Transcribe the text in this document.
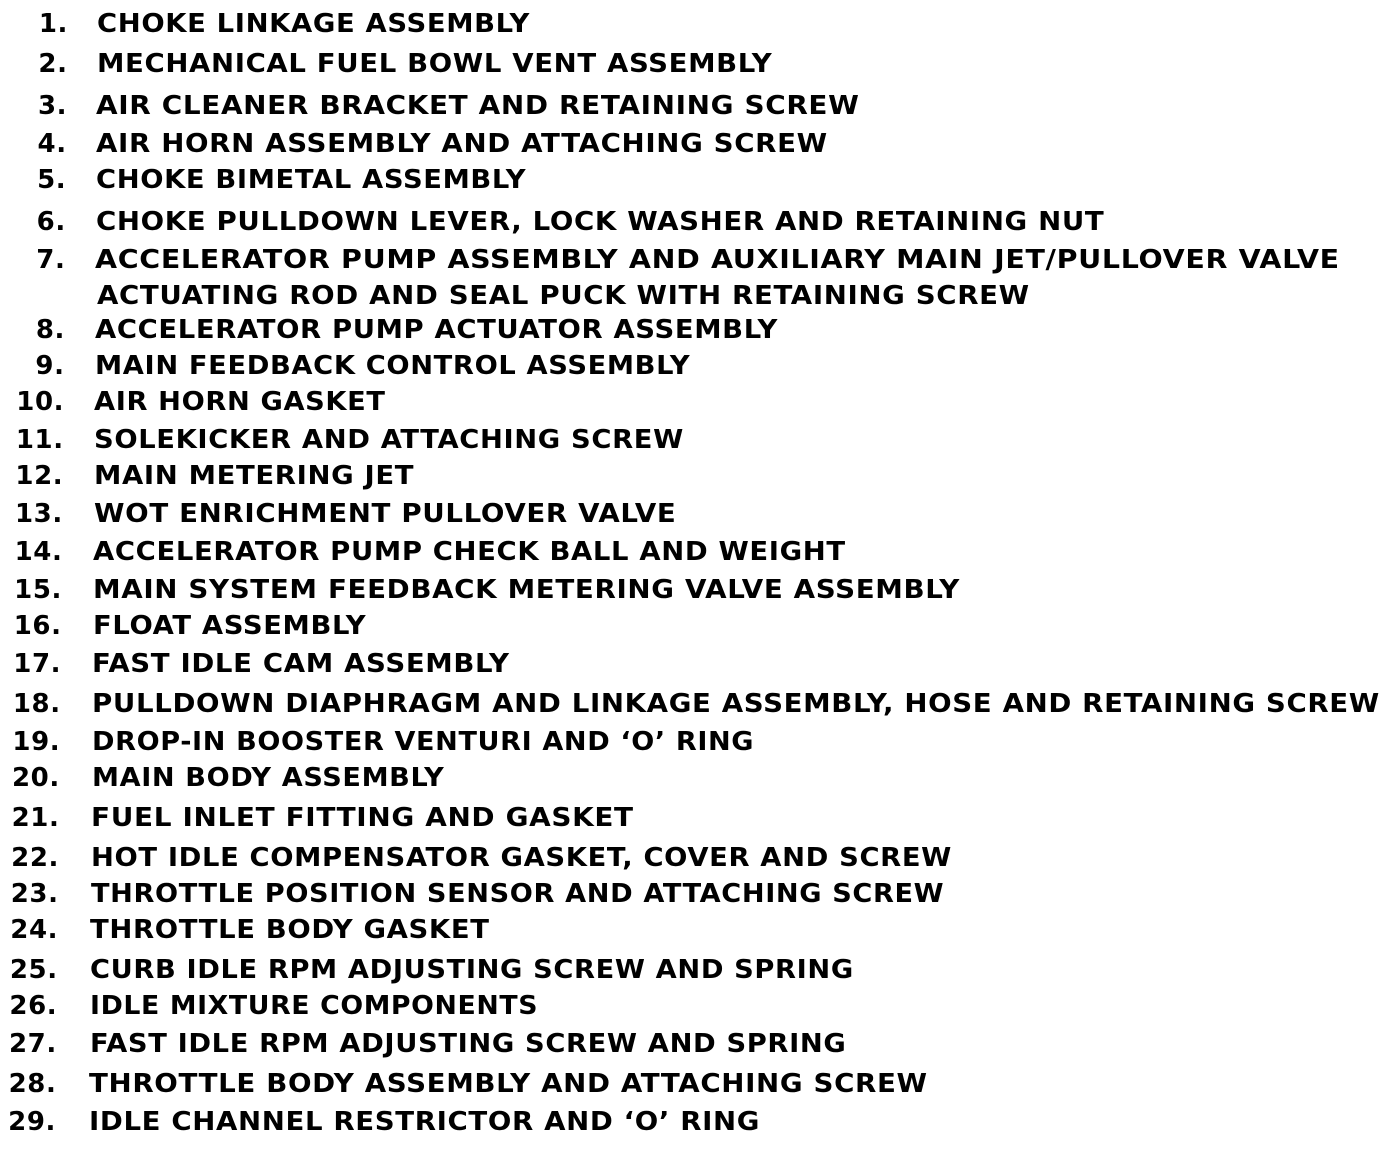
1. CHOKE LINKAGE ASSEMBLY
2. MECHANICAL FUEL BOWL VENT ASSEMBLY
3. AIR CLEANER BRACKET AND RETAINING SCREW
4. AIR HORN ASSEMBLY AND ATTACHING SCREW
5. CHOKE BIMETAL ASSEMBLY
6. CHOKE PULLDOWN LEVER, LOCK WASHER AND RETAINING NUT
7. ACCELERATOR PUMP ASSEMBLY AND AUXILIARY MAIN JET/PULLOVER VALVE
ACTUATING ROD AND SEAL PUCK WITH RETAINING SCREW
8. ACCELERATOR PUMP ACTUATOR ASSEMBLY
9. MAIN FEEDBACK CONTROL ASSEMBLY
10. AIR HORN GASKET
11. SOLEKICKER AND ATTACHING SCREW
12. MAIN METERING JET
13. WOT ENRICHMENT PULLOVER VALVE
14. ACCELERATOR PUMP CHECK BALL AND WEIGHT
15. MAIN SYSTEM FEEDBACK METERING VALVE ASSEMBLY
16. FLOAT ASSEMBLY
17. FAST IDLE CAM ASSEMBLY
18. PULLDOWN DIAPHRAGM AND LINKAGE ASSEMBLY, HOSE AND RETAINING SCREW
19. DROP-IN BOOSTER VENTURI AND ‘O’ RING
20. MAIN BODY ASSEMBLY
21. FUEL INLET FITTING AND GASKET
22. HOT IDLE COMPENSATOR GASKET, COVER AND SCREW
23. THROTTLE POSITION SENSOR AND ATTACHING SCREW
24. THROTTLE BODY GASKET
25. CURB IDLE RPM ADJUSTING SCREW AND SPRING
26. IDLE MIXTURE COMPONENTS
27. FAST IDLE RPM ADJUSTING SCREW AND SPRING
28. THROTTLE BODY ASSEMBLY AND ATTACHING SCREW
29. IDLE CHANNEL RESTRICTOR AND ‘O’ RING
